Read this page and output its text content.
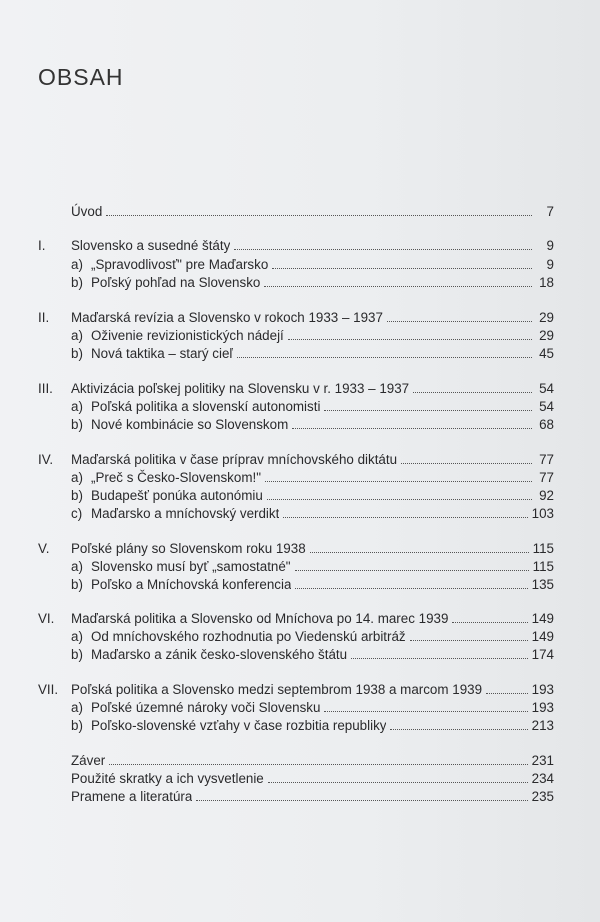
OBSAH
Úvod	7
I.	Slovensko a susedné štáty	9
a) „Spravodlivosť" pre Maďarsko	9
b) Poľský pohľad na Slovensko	18
II.	Maďarská revízia a Slovensko v rokoch 1933 – 1937	29
a) Oživenie revizionistických nádejí	29
b) Nová taktika – starý cieľ	45
III.	Aktivizácia poľskej politiky na Slovensku v r. 1933 – 1937	54
a) Poľská politika a slovenskí autonomisti	54
b) Nové kombinácie so Slovenskom	68
IV.	Maďarská politika v čase príprav mníchovského diktátu	77
a) „Preč s Česko-Slovenskom!"	77
b) Budapešť ponúka autonómiu	92
c) Maďarsko a mníchovský verdikt	103
V.	Poľské plány so Slovenskom roku 1938	115
a) Slovensko musí byť „samostatné"	115
b) Poľsko a Mníchovská konferencia	135
VI.	Maďarská politika a Slovensko od Mníchova po 14. marec 1939	149
a) Od mníchovského rozhodnutia po Viedenskú arbitráž	149
b) Maďarsko a zánik česko-slovenského štátu	174
VII. Poľská politika a Slovensko medzi septembrom 1938 a marcom 1939	193
a) Poľské územné nároky voči Slovensku	193
b) Poľsko-slovenské vzťahy v čase rozbitia republiky	213
Záver	231
Použité skratky a ich vysvetlenie	234
Pramene a literatúra	235
